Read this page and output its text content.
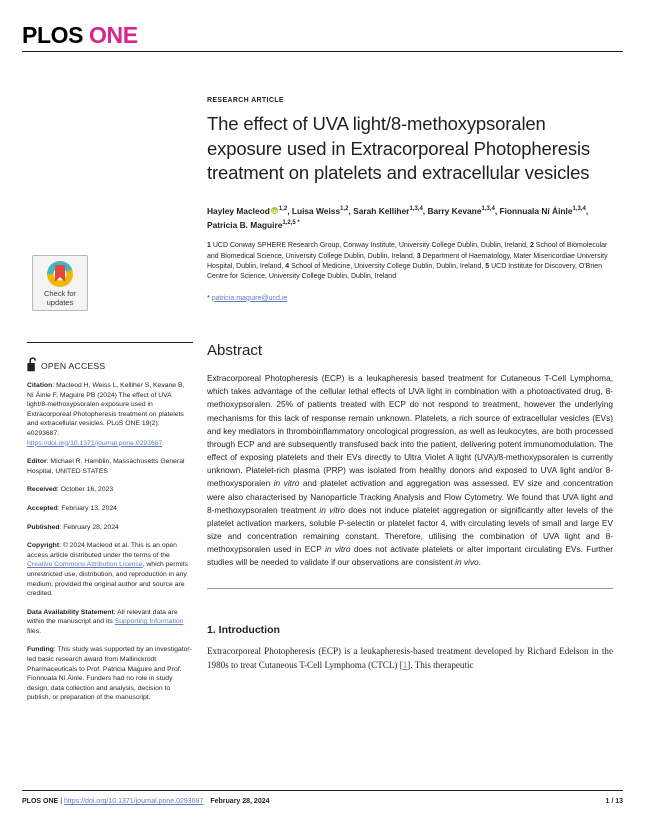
PLOS ONE
Check for
updates
OPEN ACCESS
Citation: Macleod H, Weiss L, Kelliher S, Kevane B, Ní Áinle F, Maguire PB (2024) The effect of UVA light/8-methoxypsoralen exposure used in Extracorporeal Photopheresis treatment on platelets and extracellular vesicles. PLoS ONE 19(2): e0293687. https://doi.org/10.1371/journal.pone.0293687
Editor: Michael R. Hamblin, Massachusetts General Hospital, UNITED STATES
Received: October 16, 2023
Accepted: February 13, 2024
Published: February 28, 2024
Copyright: © 2024 Macleod et al. This is an open access article distributed under the terms of the Creative Commons Attribution License, which permits unrestricted use, distribution, and reproduction in any medium, provided the original author and source are credited.
Data Availability Statement: All relevant data are within the manuscript and its Supporting Information files.
Funding: This study was supported by an investigator-led basic research award from Mallinckrodt Pharmaceuticals to Prof. Patricia Maguire and Prof. Fionnuala Ní Áinle. Funders had no role in study design, data collection and analysis, decision to publish, or preparation of the manuscript.
RESEARCH ARTICLE
The effect of UVA light/8-methoxypsoralen exposure used in Extracorporeal Photopheresis treatment on platelets and extracellular vesicles
Hayley Macleod iD $^{1,2}$, Luisa Weiss$^{1,2}$, Sarah Kelliher$^{1,3,4}$, Barry Kevane$^{1,3,4}$, Fionnuala Ní Áinle$^{1,3,4}$, Patricia B. Maguire$^{1,2,5}$ *
1 UCD Conway SPHERE Research Group, Conway Institute, University College Dublin, Dublin, Ireland, 2 School of Biomolecular and Biomedical Science, University College Dublin, Dublin, Ireland, 3 Department of Haematology, Mater Misericordiae University Hospital, Dublin, Ireland, 4 School of Medicine, University College Dublin, Dublin, Ireland, 5 UCD Institute for Discovery, O'Brien Centre for Science, University College Dublin, Dublin, Ireland
* patricia.maguire@ucd.ie
Abstract
Extracorporeal Photopheresis (ECP) is a leukapheresis based treatment for Cutaneous T-Cell Lymphoma, which takes advantage of the cellular lethal effects of UVA light in combination with a photoactivated drug, 8-methoxypsoralen. 25% of patients treated with ECP do not respond to treatment, however the underlying mechanisms for this lack of response remain unknown. Platelets, a rich source of extracellular vesicles (EVs) and key mediators in thromboinflammatory oncological progression, as well as leukocytes, are both processed through ECP and are subsequently transfused back into the patient, delivering potent immunomodulation. The effect of exposing platelets and their EVs directly to Ultra Violet A light (UVA)/8-methoxypsoralen is currently unknown. Platelet-rich plasma (PRP) was isolated from healthy donors and exposed to UVA light and/or 8-methoxysporalen in vitro and platelet activation and aggregation was assessed. EV size and concentration were also characterised by Nanoparticle Tracking Analysis and Flow Cytometry. We found that UVA light and 8-methoxypsoralen treatment in vitro does not induce platelet aggregation or significantly alter levels of the platelet activation markers, soluble P-selectin or platelet factor 4, with circulating levels of small and large EV size and concentration remaining constant. Therefore, utilising the combination of UVA light and 8-methoxypsoralen used in ECP in vitro does not activate platelets or alter important circulating EVs. Further studies will be needed to validate if our observations are consistent in vivo.
1. Introduction
Extracorporeal Photopheresis (ECP) is a leukapheresis-based treatment developed by Richard Edelson in the 1980s to treat Cutaneous T-Cell Lymphoma (CTCL) [1]. This therapeutic
PLOS ONE | https://doi.org/10.1371/journal.pone.0293687 February 28, 2024	1 / 13
